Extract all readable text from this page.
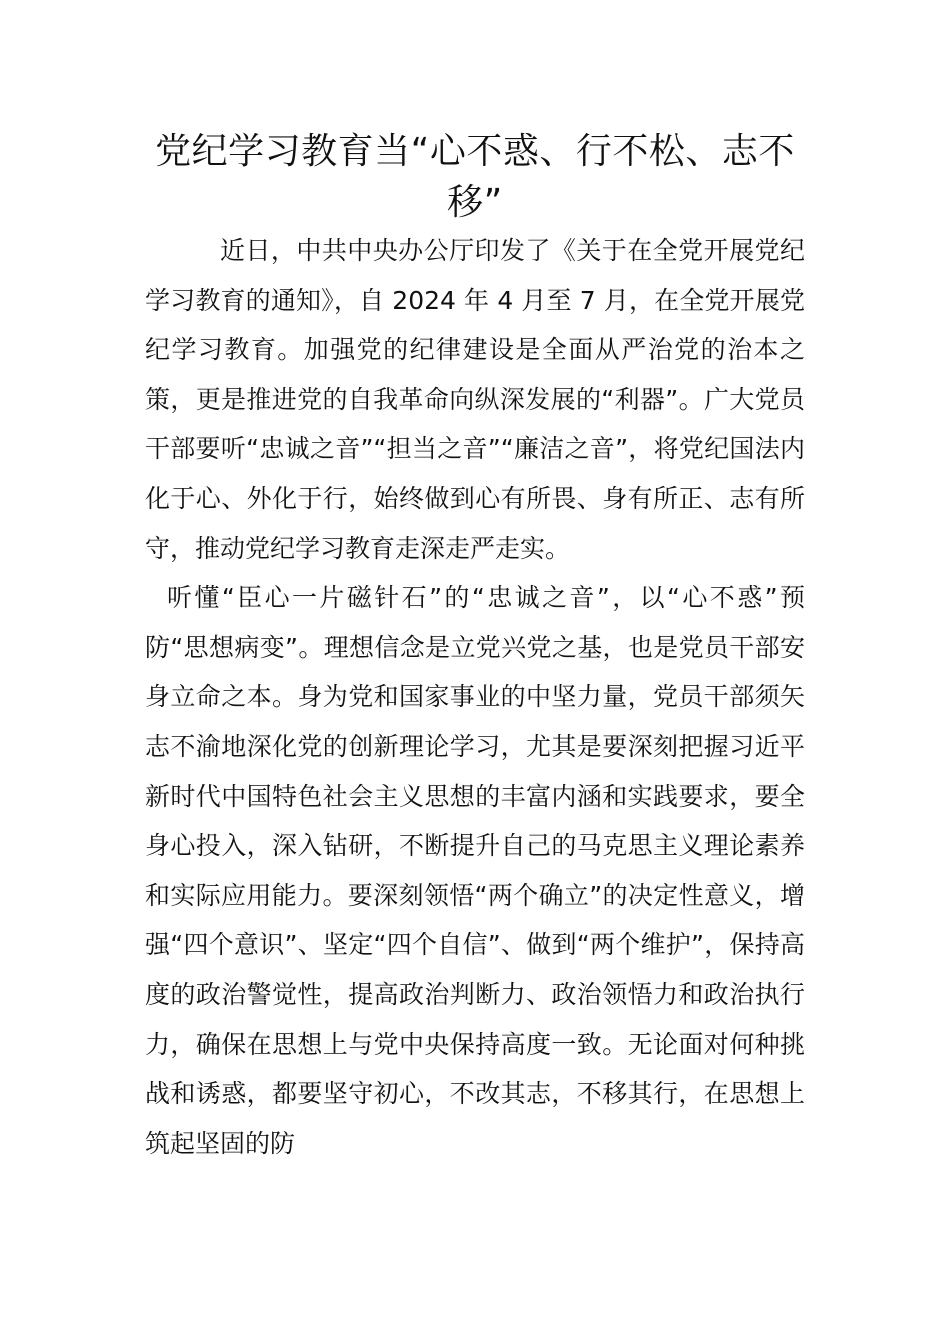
党纪学习教育当“心不惑、行不松、志不移”

近日，中共中央办公厅印发了《关于在全党开展党纪学习教育的通知》，自 2024 年 4 月至 7 月，在全党开展党纪学习教育。加强党的纪律建设是全面从严治党的治本之策，更是推进党的自我革命向纵深发展的“利器”。广大党员干部要听“忠诚之音”“担当之音”“廉洁之音”，将党纪国法内化于心、外化于行，始终做到心有所畏、身有所正、志有所守，推动党纪学习教育走深走严走实。

听懂“臣心一片磁针石”的“忠诚之音”，以“心不惑”预防“思想病变”。理想信念是立党兴党之基，也是党员干部安身立命之本。身为党和国家事业的中坚力量，党员干部须矢志不渝地深化党的创新理论学习，尤其是要深刻把握习近平新时代中国特色社会主义思想的丰富内涵和实践要求，要全身心投入，深入钻研，不断提升自己的马克思主义理论素养和实际应用能力。要深刻领悟“两个确立”的决定性意义，增强“四个意识”、坚定“四个自信”、做到“两个维护”，保持高度的政治警觉性，提高政治判断力、政治领悟力和政治执行力，确保在思想上与党中央保持高度一致。无论面对何种挑战和诱惑，都要坚守初心，不改其志，不移其行，在思想上筑起坚固的防
